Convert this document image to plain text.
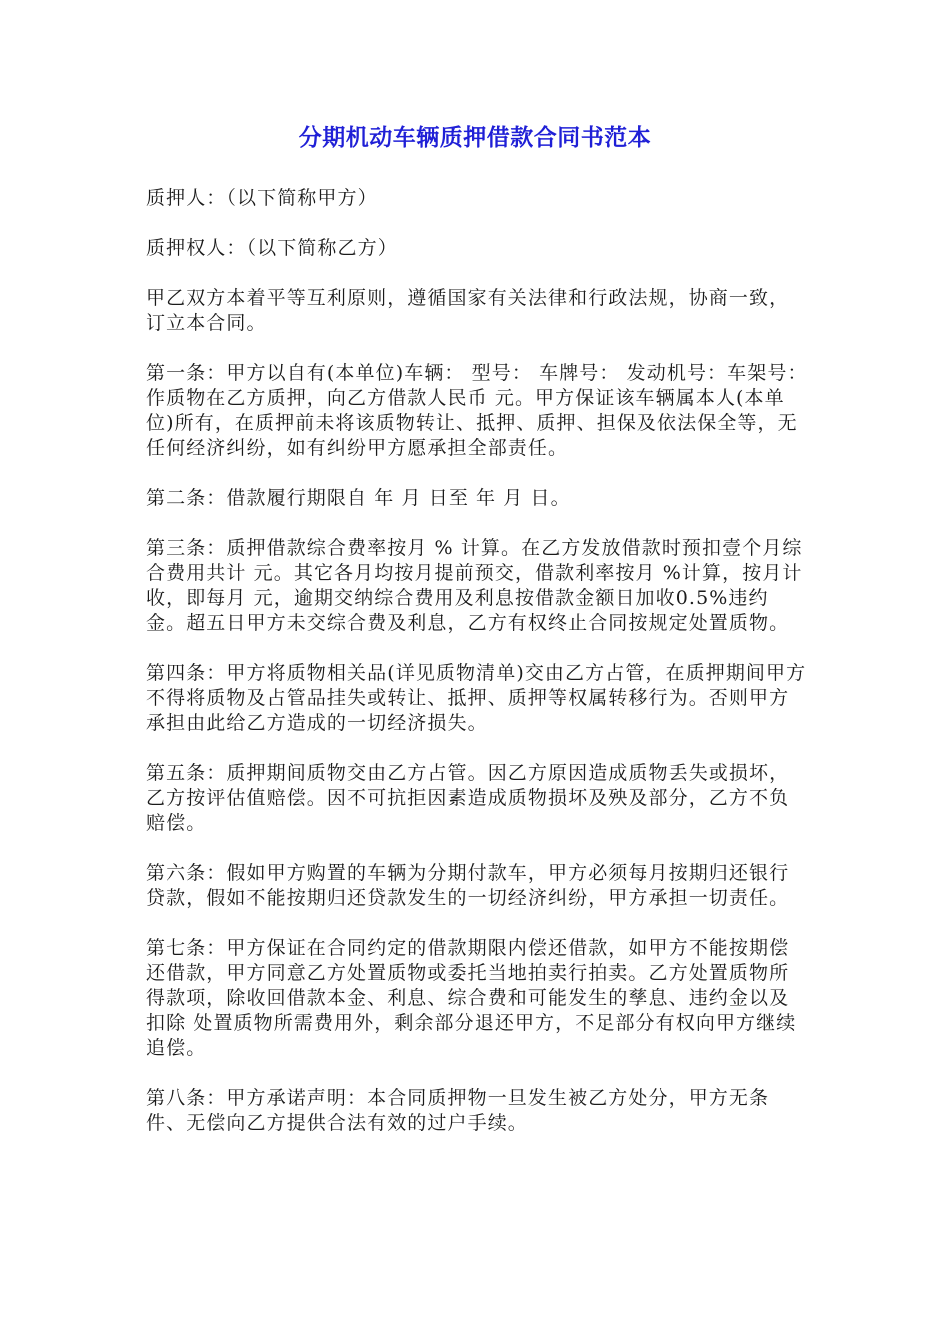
分期机动车辆质押借款合同书范本

质押人：（以下简称甲方）

质押权人：（以下简称乙方）

甲乙双方本着平等互利原则，遵循国家有关法律和行政法规，协商一致，订立本合同。

第一条：甲方以自有(本单位)车辆： 型号： 车牌号： 发动机号：车架号： 作质物在乙方质押，向乙方借款人民币 元。甲方保证该车辆属本人(本单位)所有，在质押前未将该质物转让、抵押、质押、担保及依法保全等，无任何经济纠纷，如有纠纷甲方愿承担全部责任。

第二条：借款履行期限自 年 月 日至 年 月 日。

第三条：质押借款综合费率按月 % 计算。在乙方发放借款时预扣壹个月综合费用共计 元。其它各月均按月提前预交，借款利率按月 %计算，按月计收，即每月 元，逾期交纳综合费用及利息按借款金额日加收0.5%违约金。超五日甲方未交综合费及利息，乙方有权终止合同按规定处置质物。

第四条：甲方将质物相关品(详见质物清单)交由乙方占管，在质押期间甲方不得将质物及占管品挂失或转让、抵押、质押等权属转移行为。否则甲方承担由此给乙方造成的一切经济损失。

第五条：质押期间质物交由乙方占管。因乙方原因造成质物丢失或损坏，乙方按评估值赔偿。因不可抗拒因素造成质物损坏及殃及部分，乙方不负赔偿。

第六条：假如甲方购置的车辆为分期付款车，甲方必须每月按期归还银行贷款，假如不能按期归还贷款发生的一切经济纠纷，甲方承担一切责任。

第七条：甲方保证在合同约定的借款期限内偿还借款，如甲方不能按期偿还借款，甲方同意乙方处置质物或委托当地拍卖行拍卖。乙方处置质物所得款项，除收回借款本金、利息、综合费和可能发生的孳息、违约金以及扣除 处置质物所需费用外，剩余部分退还甲方，不足部分有权向甲方继续追偿。

第八条：甲方承诺声明：本合同质押物一旦发生被乙方处分，甲方无条件、无偿向乙方提供合法有效的过户手续。
